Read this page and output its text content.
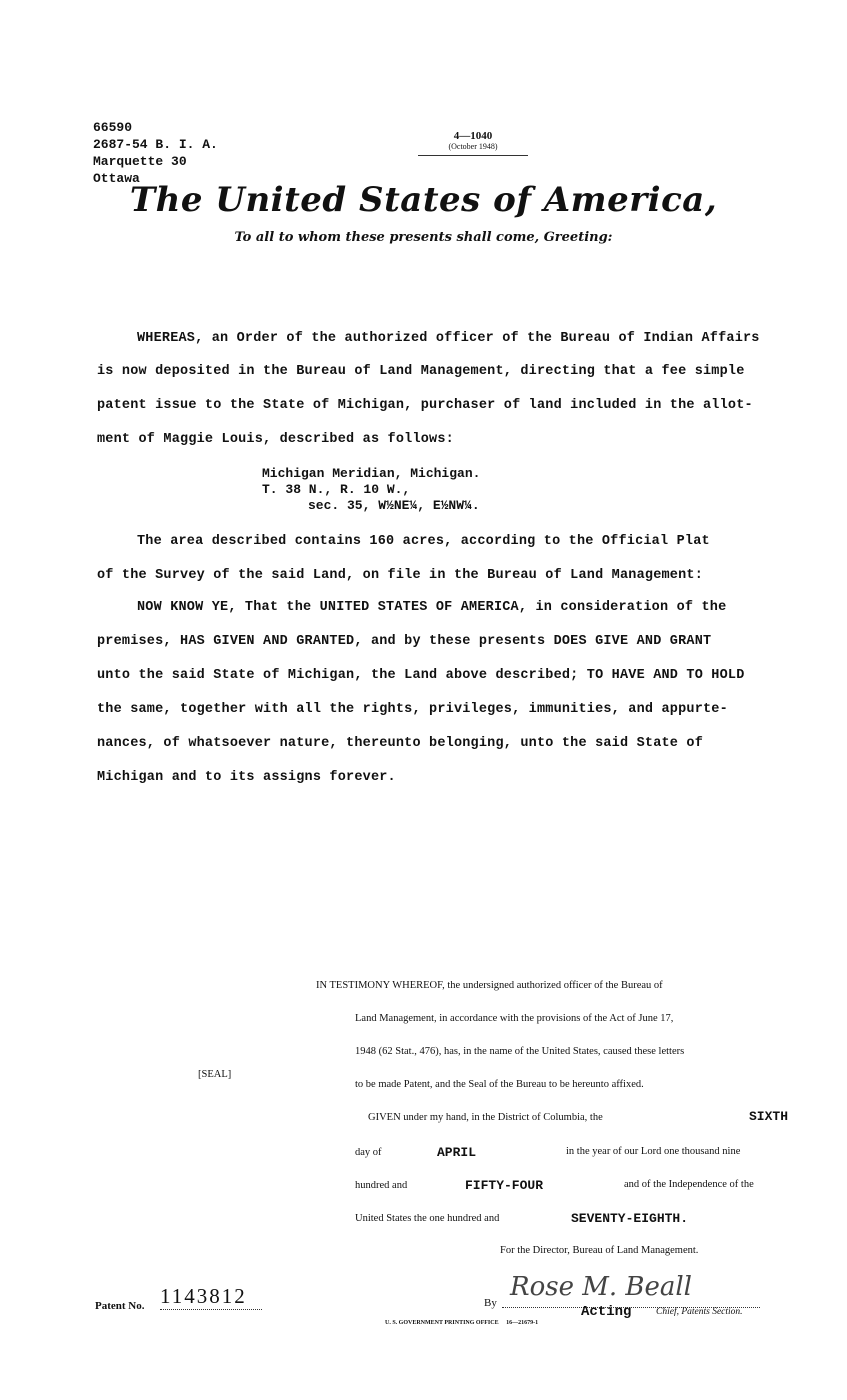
66590
2687-54 B. I. A.
Marquette 30
Ottawa
4—1040
(October 1948)
The United States of America,
To all to whom these presents shall come, Greeting:
WHEREAS, an Order of the authorized officer of the Bureau of Indian Affairs
is now deposited in the Bureau of Land Management, directing that a fee simple
patent issue to the State of Michigan, purchaser of land included in the allot-
ment of Maggie Louis, described as follows:
Michigan Meridian, Michigan.
T. 38 N., R. 10 W.,
sec. 35, W½NE¼, E½NW¼.
The area described contains 160 acres, according to the Official Plat
of the Survey of the said Land, on file in the Bureau of Land Management:
NOW KNOW YE, That the UNITED STATES OF AMERICA, in consideration of the
premises, HAS GIVEN AND GRANTED, and by these presents DOES GIVE AND GRANT
unto the said State of Michigan, the Land above described; TO HAVE AND TO HOLD
the same, together with all the rights, privileges, immunities, and appurte-
nances, of whatsoever nature, thereunto belonging, unto the said State of
Michigan and to its assigns forever.
IN TESTIMONY WHEREOF, the undersigned authorized officer of the Bureau of
Land Management, in accordance with the provisions of the Act of June 17,
1948 (62 Stat., 476), has, in the name of the United States, caused these letters
to be made Patent, and the Seal of the Bureau to be hereunto affixed.
[SEAL]
GIVEN under my hand, in the District of Columbia, the	SIXTH
day of	APRIL	in the year of our Lord one thousand nine
hundred and	FIFTY-FOUR	and of the Independence of the
United States the one hundred and	SEVENTY-EIGHTH.
For the Director, Bureau of Land Management.
Patent No. 1143812	By
Rose M. Beall
Acting	Chief, Patents Section.
U. S. GOVERNMENT PRINTING OFFICE     16—21679-1
